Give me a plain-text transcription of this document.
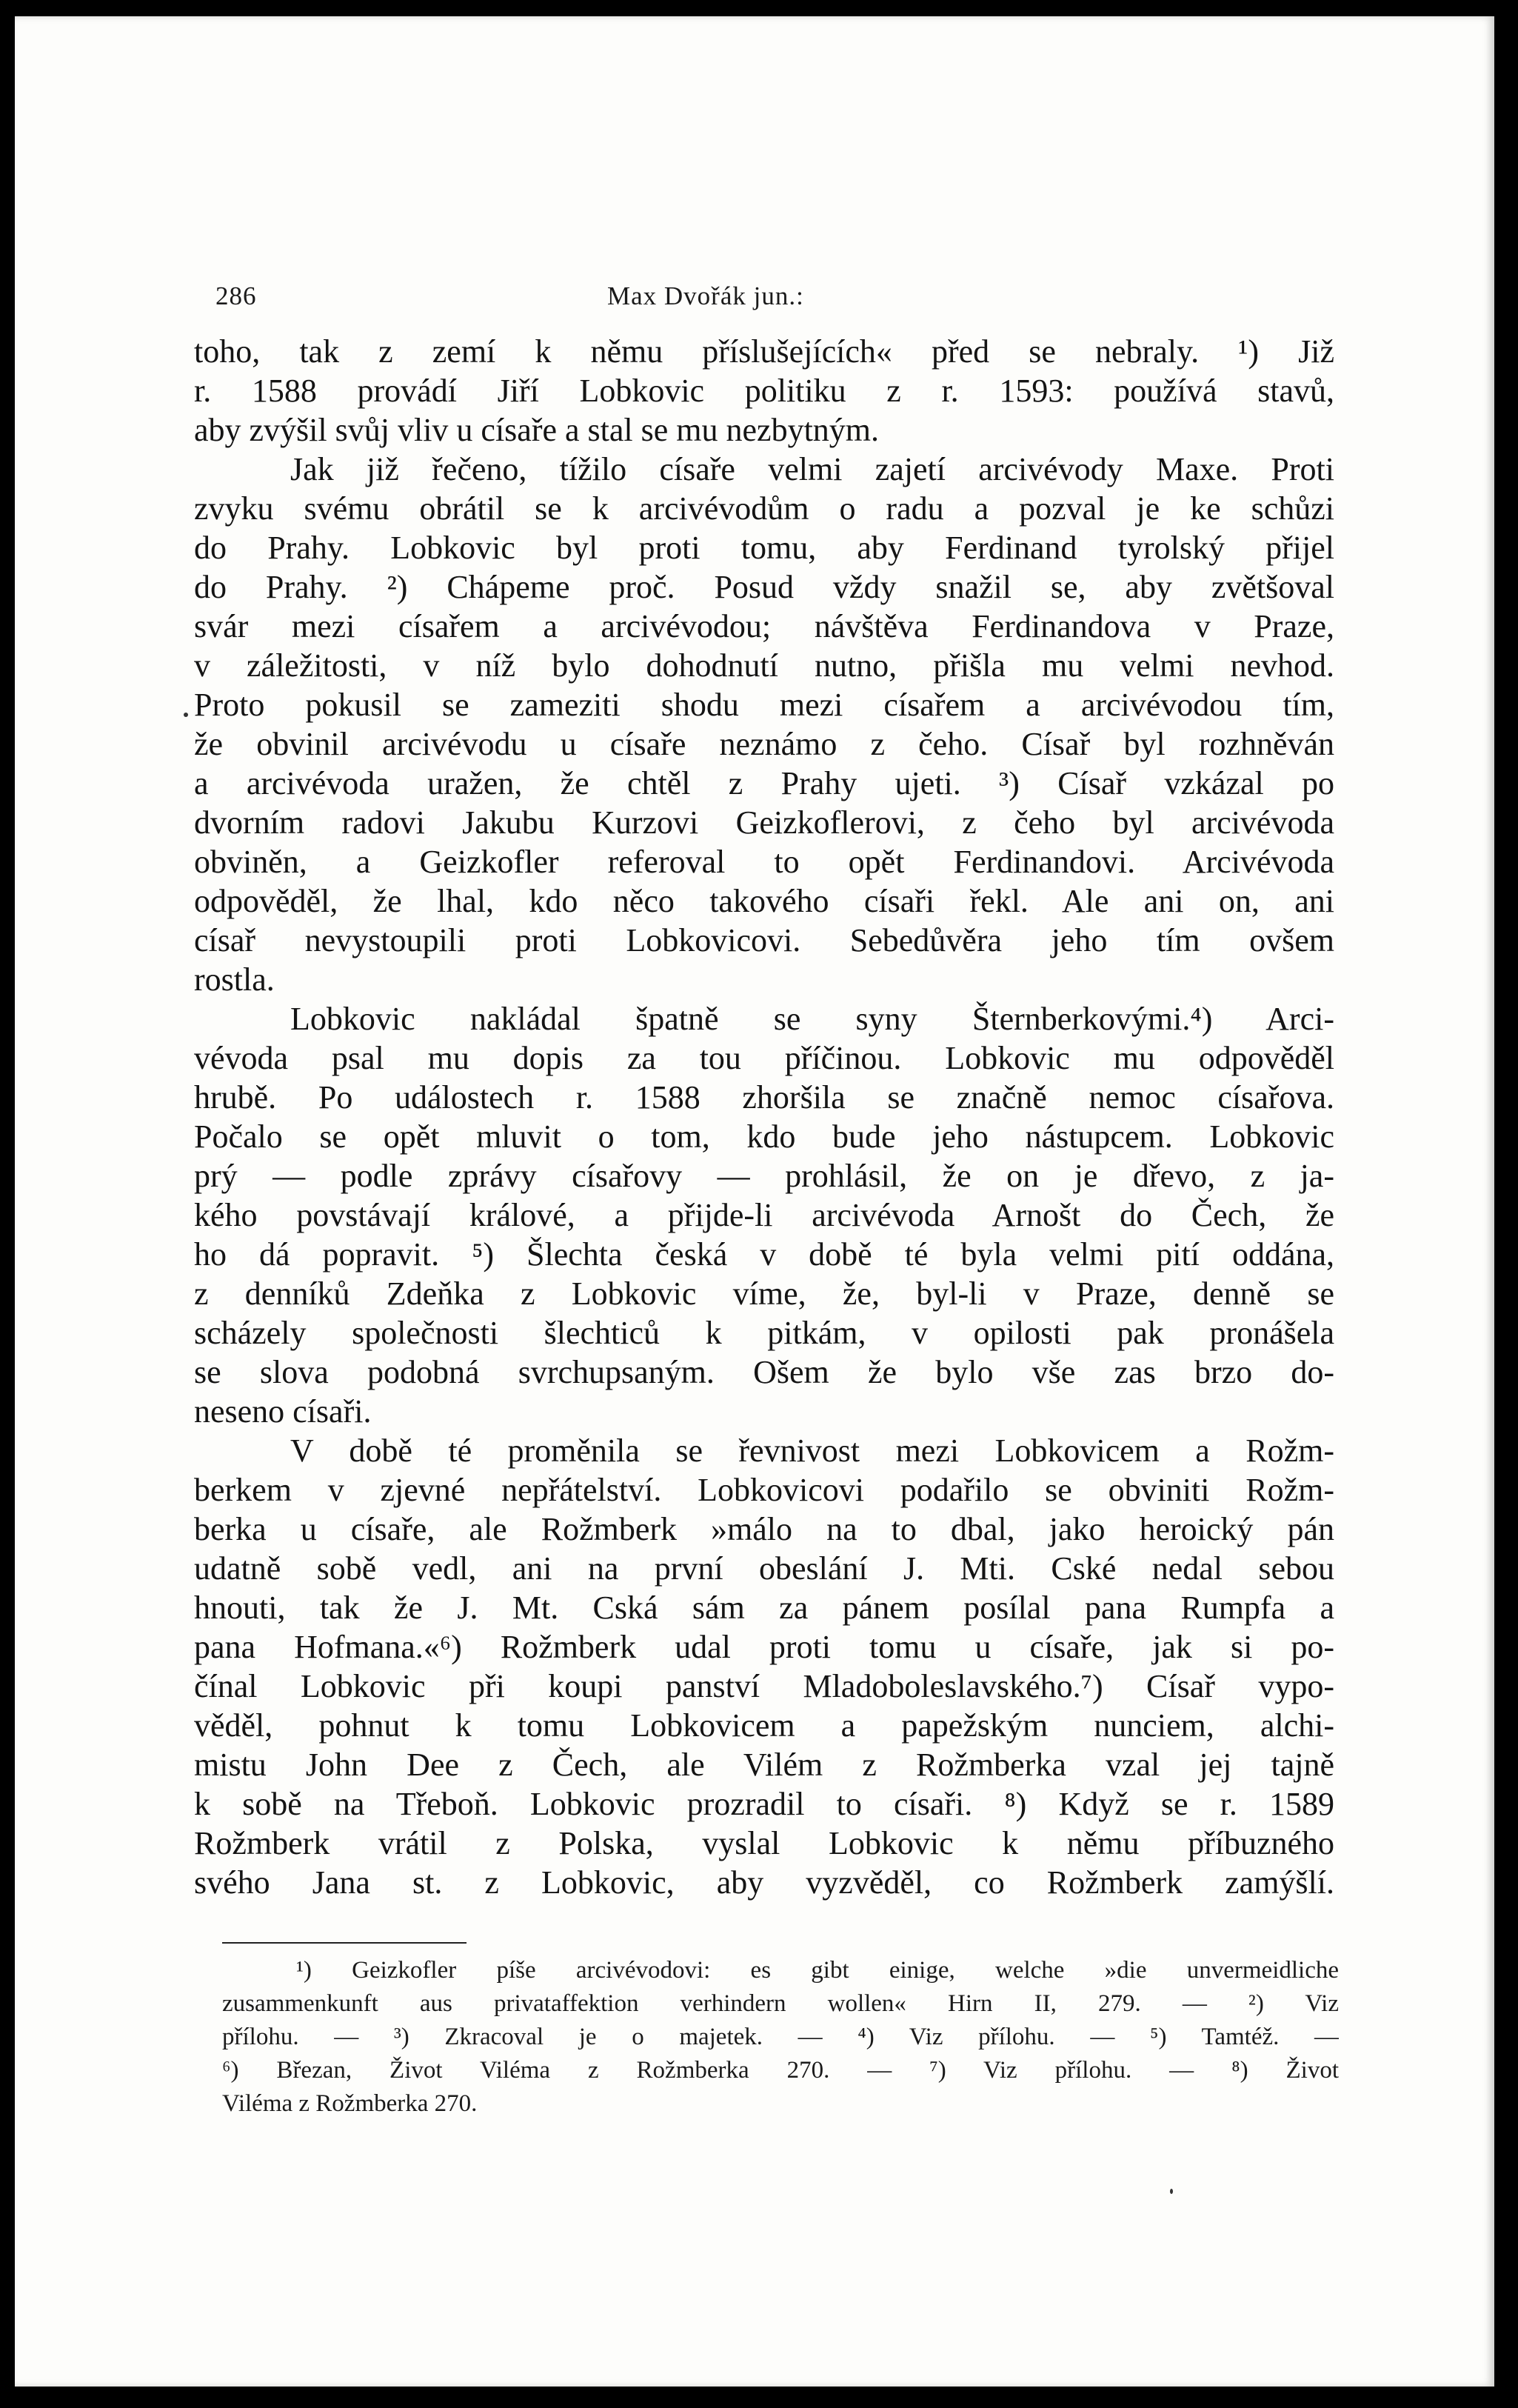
286	Max Dvořák jun.:
toho, tak z zemí k němu příslušejících« před se nebraly. ¹) Již
r. 1588 provádí Jiří Lobkovic politiku z r. 1593: používá stavů,
aby zvýšil svůj vliv u císaře a stal se mu nezbytným.
Jak již řečeno, tížilo císaře velmi zajetí arcivévody Maxe. Proti
zvyku svému obrátil se k arcivévodům o radu a pozval je ke schůzi
do Prahy. Lobkovic byl proti tomu, aby Ferdinand tyrolský přijel
do Prahy. ²) Chápeme proč. Posud vždy snažil se, aby zvětšoval
svár mezi císařem a arcivévodou; návštěva Ferdinandova v Praze,
v záležitosti, v níž bylo dohodnutí nutno, přišla mu velmi nevhod.
Proto pokusil se zameziti shodu mezi císařem a arcivévodou tím,
že obvinil arcivévodu u císaře neznámo z čeho. Císař byl rozhněván
a arcivévoda uražen, že chtěl z Prahy ujeti. ³) Císař vzkázal po
dvorním radovi Jakubu Kurzovi Geizkoflerovi, z čeho byl arcivévoda
obviněn, a Geizkofler referoval to opět Ferdinandovi. Arcivévoda
odpověděl, že lhal, kdo něco takového císaři řekl. Ale ani on, ani
císař nevystoupili proti Lobkovicovi. Sebedůvěra jeho tím ovšem
rostla.
Lobkovic nakládal špatně se syny Šternberkovými.⁴) Arci-
vévoda psal mu dopis za tou příčinou. Lobkovic mu odpověděl
hrubě. Po událostech r. 1588 zhoršila se značně nemoc císařova.
Počalo se opět mluvit o tom, kdo bude jeho nástupcem. Lobkovic
prý — podle zprávy císařovy — prohlásil, že on je dřevo, z ja-
kého povstávají králové, a přijde-li arcivévoda Arnošt do Čech, že
ho dá popravit. ⁵) Šlechta česká v době té byla velmi pití oddána,
z denníků Zdeňka z Lobkovic víme, že, byl-li v Praze, denně se
scházely společnosti šlechticů k pitkám, v opilosti pak pronášela
se slova podobná svrchupsaným. Ošem že bylo vše zas brzo do-
neseno císaři.
V době té proměnila se řevnivost mezi Lobkovicem a Rožm-
berkem v zjevné nepřátelství. Lobkovicovi podařilo se obviniti Rožm-
berka u císaře, ale Rožmberk »málo na to dbal, jako heroický pán
udatně sobě vedl, ani na první obeslání J. Mti. Cské nedal sebou
hnouti, tak že J. Mt. Cská sám za pánem posílal pana Rumpfa a
pana Hofmana.«⁶) Rožmberk udal proti tomu u císaře, jak si po-
čínal Lobkovic při koupi panství Mladoboleslavského.⁷) Císař vypo-
věděl, pohnut k tomu Lobkovicem a papežským nunciem, alchi-
mistu John Dee z Čech, ale Vilém z Rožmberka vzal jej tajně
k sobě na Třeboň. Lobkovic prozradil to císaři. ⁸) Když se r. 1589
Rožmberk vrátil z Polska, vyslal Lobkovic k němu příbuzného
svého Jana st. z Lobkovic, aby vyzvěděl, co Rožmberk zamýšlí.
¹) Geizkofler píše arcivévodovi: es gibt einige, welche »die unvermeidliche
zusammenkunft aus privataffektion verhindern wollen« Hirn II, 279. — ²) Viz
přílohu. — ³) Zkracoval je o majetek. — ⁴) Viz přílohu. — ⁵) Tamtéž. —
⁶) Březan, Život Viléma z Rožmberka 270. — ⁷) Viz přílohu. — ⁸) Život
Viléma z Rožmberka 270.
